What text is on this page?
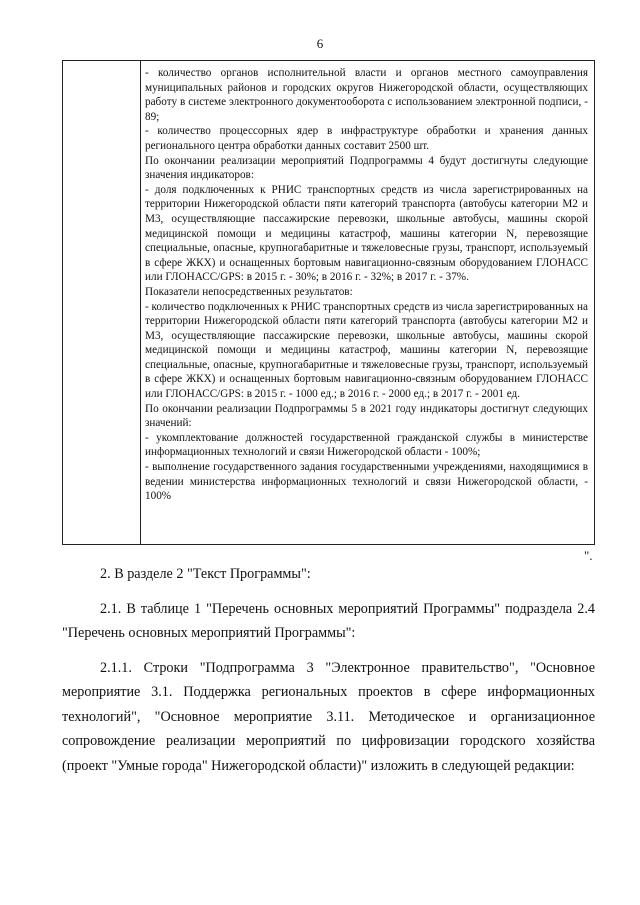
6

- количество органов исполнительной власти и органов местного самоуправления муниципальных районов и городских округов Нижегородской области, осуществляющих работу в системе электронного документооборота с использованием электронной подписи, - 89;

- количество процессорных ядер в инфраструктуре обработки и хранения данных регионального центра обработки данных составит 2500 шт.

По окончании реализации мероприятий Подпрограммы 4 будут достигнуты следующие значения индикаторов:

- доля подключенных к РНИС транспортных средств из числа зарегистрированных на территории Нижегородской области пяти категорий транспорта (автобусы категории М2 и М3, осуществляющие пассажирские перевозки, школьные автобусы, машины скорой медицинской помощи и медицины катастроф, машины категории N, перевозящие специальные, опасные, крупногабаритные и тяжеловесные грузы, транспорт, используемый в сфере ЖКХ) и оснащенных бортовым навигационно-связным оборудованием ГЛОНАСС или ГЛОНАСС/GPS: в 2015 г. - 30%; в 2016 г. - 32%; в 2017 г. - 37%.

Показатели непосредственных результатов:

- количество подключенных к РНИС транспортных средств из числа зарегистрированных на территории Нижегородской области пяти категорий транспорта (автобусы категории М2 и М3, осуществляющие пассажирские перевозки, школьные автобусы, машины скорой медицинской помощи и медицины катастроф, машины категории N, перевозящие специальные, опасные, крупногабаритные и тяжеловесные грузы, транспорт, используемый в сфере ЖКХ) и оснащенных бортовым навигационно-связным оборудованием ГЛОНАСС или ГЛОНАСС/GPS: в 2015 г. - 1000 ед.; в 2016 г. - 2000 ед.; в 2017 г. - 2001 ед.

По окончании реализации Подпрограммы 5 в 2021 году индикаторы достигнут следующих значений:

- укомплектование должностей государственной гражданской службы в министерстве информационных технологий и связи Нижегородской области - 100%;

- выполнение государственного задания государственными учреждениями, находящимися в ведении министерства информационных технологий и связи Нижегородской области, - 100%

".

2. В разделе 2 "Текст Программы":

2.1. В таблице 1 "Перечень основных мероприятий Программы" подраздела 2.4 "Перечень основных мероприятий Программы":

2.1.1. Строки "Подпрограмма 3 "Электронное правительство", "Основное мероприятие 3.1. Поддержка региональных проектов в сфере информационных технологий", "Основное мероприятие 3.11. Методическое и организационное сопровождение реализации мероприятий по цифровизации городского хозяйства (проект "Умные города" Нижегородской области)" изложить в следующей редакции:
